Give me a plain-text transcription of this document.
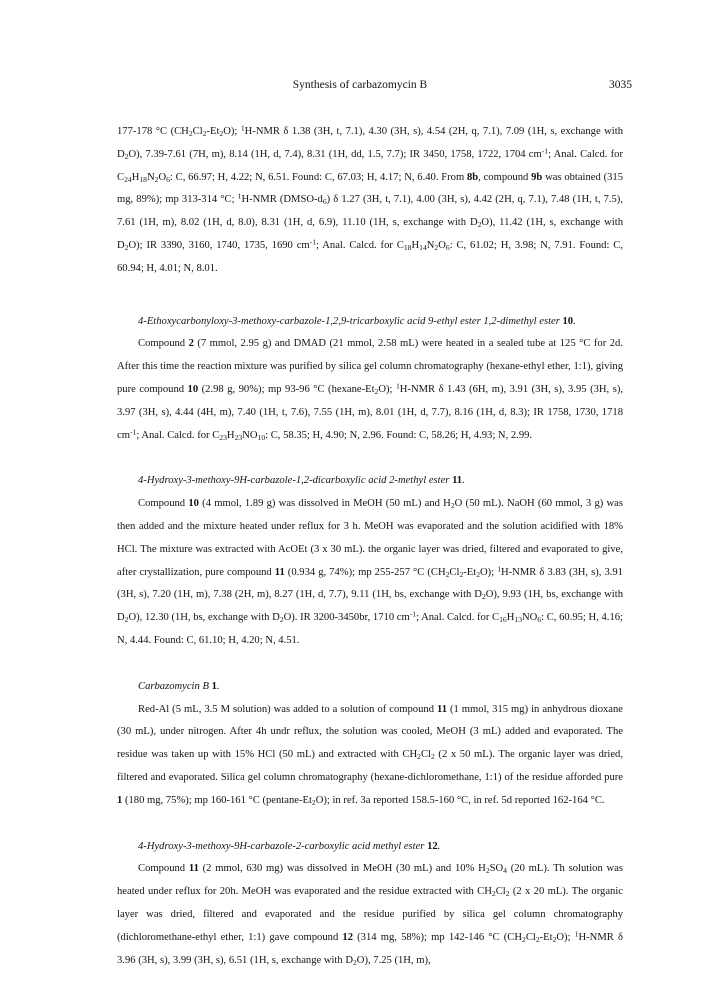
Synthesis of carbazomycin B	3035

177-178 °C $(CH_2Cl_2-Et_2O)$; $^1$H-NMR δ 1.38 (3H, t, 7.1), 4.30 (3H, s), 4.54 (2H, q, 7.1), 7.09 (1H, s, exchange with $D_2O$), 7.39-7.61 (7H, m), 8.14 (1H, d, 7.4), 8.31 (1H, dd, 1.5, 7.7); IR 3450, 1758, 1722, 1704 $cm^{-1}$; Anal. Calcd. for $C_{24}H_{18}N_2O_6$: C, 66.97; H, 4.22; N, 6.51. Found: C, 67.03; H, 4.17; N, 6.40. From 8b, compound 9b was obtained (315 mg, 89%); mp 313-314 °C; $^1$H-NMR $(DMSO-d_6)$ δ 1.27 (3H, t, 7.1), 4.00 (3H, s), 4.42 (2H, q, 7.1), 7.48 (1H, t, 7.5), 7.61 (1H, m), 8.02 (1H, d, 8.0), 8.31 (1H, d, 6.9), 11.10 (1H, s, exchange with $D_2O$), 11.42 (1H, s, exchange with $D_2O$); IR 3390, 3160, 1740, 1735, 1690 $cm^{-1}$; Anal. Calcd. for $C_{18}H_{14}N_2O_6$: C, 61.02; H, 3.98; N, 7.91. Found: C, 60.94; H, 4.01; N, 8.01.

4-Ethoxycarbonyloxy-3-methoxy-carbazole-1,2,9-tricarboxylic acid 9-ethyl ester 1,2-dimethyl ester 10.

Compound 2 (7 mmol, 2.95 g) and DMAD (21 mmol, 2.58 mL) were heated in a sealed tube at 125 °C for 2d. After this time the reaction mixture was purified by silica gel column chromatography (hexane-ethyl ether, 1:1), giving pure compound 10 (2.98 g, 90%); mp 93-96 °C $(hexane-Et_2O)$; $^1$H-NMR δ 1.43 (6H, m), 3.91 (3H, s), 3.95 (3H, s), 3.97 (3H, s), 4.44 (4H, m), 7.40 (1H, t, 7.6), 7.55 (1H, m), 8.01 (1H, d, 7.7), 8.16 (1H, d, 8.3); IR 1758, 1730, 1718 $cm^{-1}$; Anal. Calcd. for $C_{23}H_{23}NO_{10}$: C, 58.35; H, 4.90; N, 2.96. Found: C, 58.26; H, 4.93; N, 2.99.

4-Hydroxy-3-methoxy-9H-carbazole-1,2-dicarboxylic acid 2-methyl ester 11.

Compound 10 (4 mmol, 1.89 g) was dissolved in MeOH (50 mL) and $H_2O$ (50 mL). NaOH (60 mmol, 3 g) was then added and the mixture heated under reflux for 3 h. MeOH was evaporated and the solution acidified with 18% HCl. The mixture was extracted with AcOEt (3 x 30 mL). the organic layer was dried, filtered and evaporated to give, after crystallization, pure compound 11 (0.934 g, 74%); mp 255-257 °C $(CH_2Cl_2-Et_2O)$; $^1$H-NMR δ 3.83 (3H, s), 3.91 (3H, s), 7.20 (1H, m), 7.38 (2H, m), 8.27 (1H, d, 7.7), 9.11 (1H, bs, exchange with $D_2O$), 9.93 (1H, bs, exchange with $D_2O$), 12.30 (1H, bs, exchange with $D_2O$). IR 3200-3450br, 1710 $cm^{-1}$; Anal. Calcd. for $C_{16}H_{13}NO_6$: C, 60.95; H, 4.16; N, 4.44. Found: C, 61.10; H, 4.20; N, 4.51.

Carbazomycin B 1.

Red-Al (5 mL, 3.5 M solution) was added to a solution of compound 11 (1 mmol, 315 mg) in anhydrous dioxane (30 mL), under nitrogen. After 4h undr reflux, the solution was cooled, MeOH (3 mL) added and evaporated. The residue was taken up with 15% HCl (50 mL) and extracted with $CH_2Cl_2$ (2 x 50 mL). The organic layer was dried, filtered and evaporated. Silica gel column chromatography (hexane-dichloromethane, 1:1) of the residue afforded pure 1 (180 mg, 75%); mp 160-161 °C $(pentane-Et_2O)$; in ref. 3a reported 158.5-160 °C, in ref. 5d reported 162-164 °C.

4-Hydroxy-3-methoxy-9H-carbazole-2-carboxylic acid methyl ester 12.

Compound 11 (2 mmol, 630 mg) was dissolved in MeOH (30 mL) and 10% $H_2SO_4$ (20 mL). Th solution was heated under reflux for 20h. MeOH was evaporated and the residue extracted with $CH_2Cl_2$ (2 x 20 mL). The organic layer was dried, filtered and evaporated and the residue purified by silica gel column chromatography (dichloromethane-ethyl ether, 1:1) gave compound 12 (314 mg, 58%); mp 142-146 °C $(CH_2Cl_2-Et_2O)$; $^1$H-NMR δ 3.96 (3H, s), 3.99 (3H, s), 6.51 (1H, s, exchange with $D_2O$), 7.25 (1H, m),
